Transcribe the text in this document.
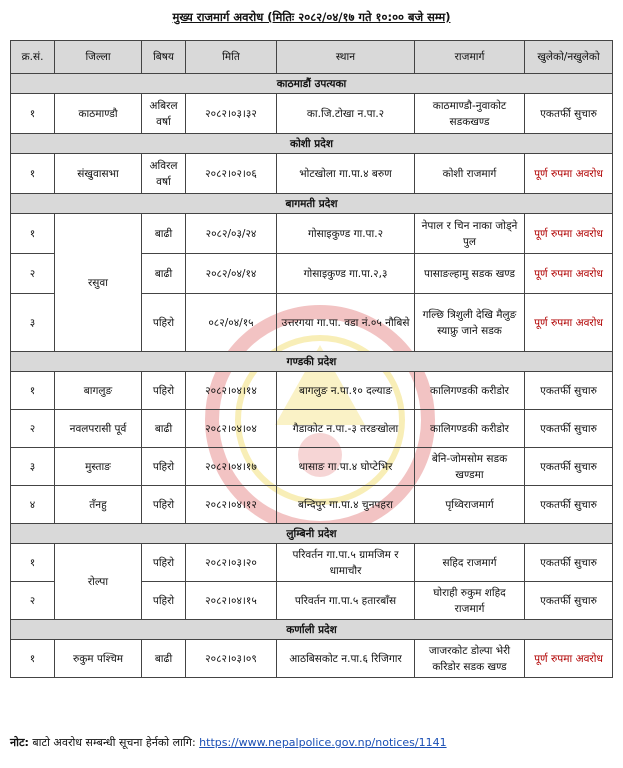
मुख्य राजमार्ग अवरोध (मितिः २०८२/०४/१७ गते १०:०० बजे सम्म)
क्र.सं.	जिल्ला	बिषय	मिति	स्थान	राजमार्ग	खुलेको/नखुलेको
काठमाडौं उपत्यका						
१	काठमाण्डौ	अबिरल वर्षा	२०८२।०३।३२	का.जि.टोखा न.पा.२	काठमाण्डौ-नुवाकोट सडकखण्ड	एकतर्फी सुचारु
कोशी प्रदेश						
१	संखुवासभा	अविरल वर्षा	२०८२।०२।०६	भोटखोला गा.पा.४ बरुण	कोशी राजमार्ग	पूर्ण रुपमा अवरोध
बागमती प्रदेश						
१	रसुवा	बाढी	२०८२/०३/२४	गोसाइकुण्ड गा.पा.२	नेपाल र चिन नाका जोड्ने पुल	पूर्ण रुपमा अवरोध
२		बाढी	२०८२/०४/१४	गोसाइकुण्ड गा.पा.२,३	पासाङल्हामु सडक खण्ड	पूर्ण रुपमा अवरोध
३		पहिरो	०८२/०४/१५	उत्तरगया गा.पा. वडा नं.०५ नौबिसे	गल्छि त्रिशुली देखि मैलुङ स्याफ्रु जाने सडक	पूर्ण रुपमा अवरोध
गण्डकी प्रदेश						
१	बागलुङ	पहिरो	२०८२।०४।१४	बागलुङ न.पा.१० दल्याङ	कालिगण्डकी करीडोर	एकतर्फी सुचारु
२	नवलपरासी पूर्व	बाढी	२०८२।०४।०४	गैडाकोट न.पा.-३ तरङखोला	कालिगण्डकी करीडोर	एकतर्फी सुचारु
३	मुस्ताङ	पहिरो	२०८२।०४।१७	थासाङ गा.पा.४ घोप्टेभिर	बेनि-जोमसोम सडक खण्डमा	एकतर्फी सुचारु
४	तँनहु	पहिरो	२०८२।०४।१२	बन्दिपुर गा.पा.४ चुनपहरा	पृथ्विराजमार्ग	एकतर्फी सुचारु
लुम्बिनी प्रदेश						
१	रोल्पा	पहिरो	२०८२।०३।२०	परिवर्तन गा.पा.५ ग्रामजिम र धामाचौर	सहिद राजमार्ग	एकतर्फी सुचारु
२		पहिरो	२०८२।०४।१५	परिवर्तन गा.पा.५ हतारबाँस	घोराही रुकुम शहिद राजमार्ग	एकतर्फी सुचारु
कर्णाली प्रदेश						
१	रुकुम पश्चिम	बाढी	२०८२।०३।०९	आठबिसकोट न.पा.६ रिजिगार	जाजरकोट डोल्पा भेरी करिडोर सडक खण्ड	पूर्ण रुपमा अवरोध
नोट: बाटो अवरोध सम्बन्धी सूचना हेर्नको लागि: https://www.nepalpolice.gov.np/notices/1141
